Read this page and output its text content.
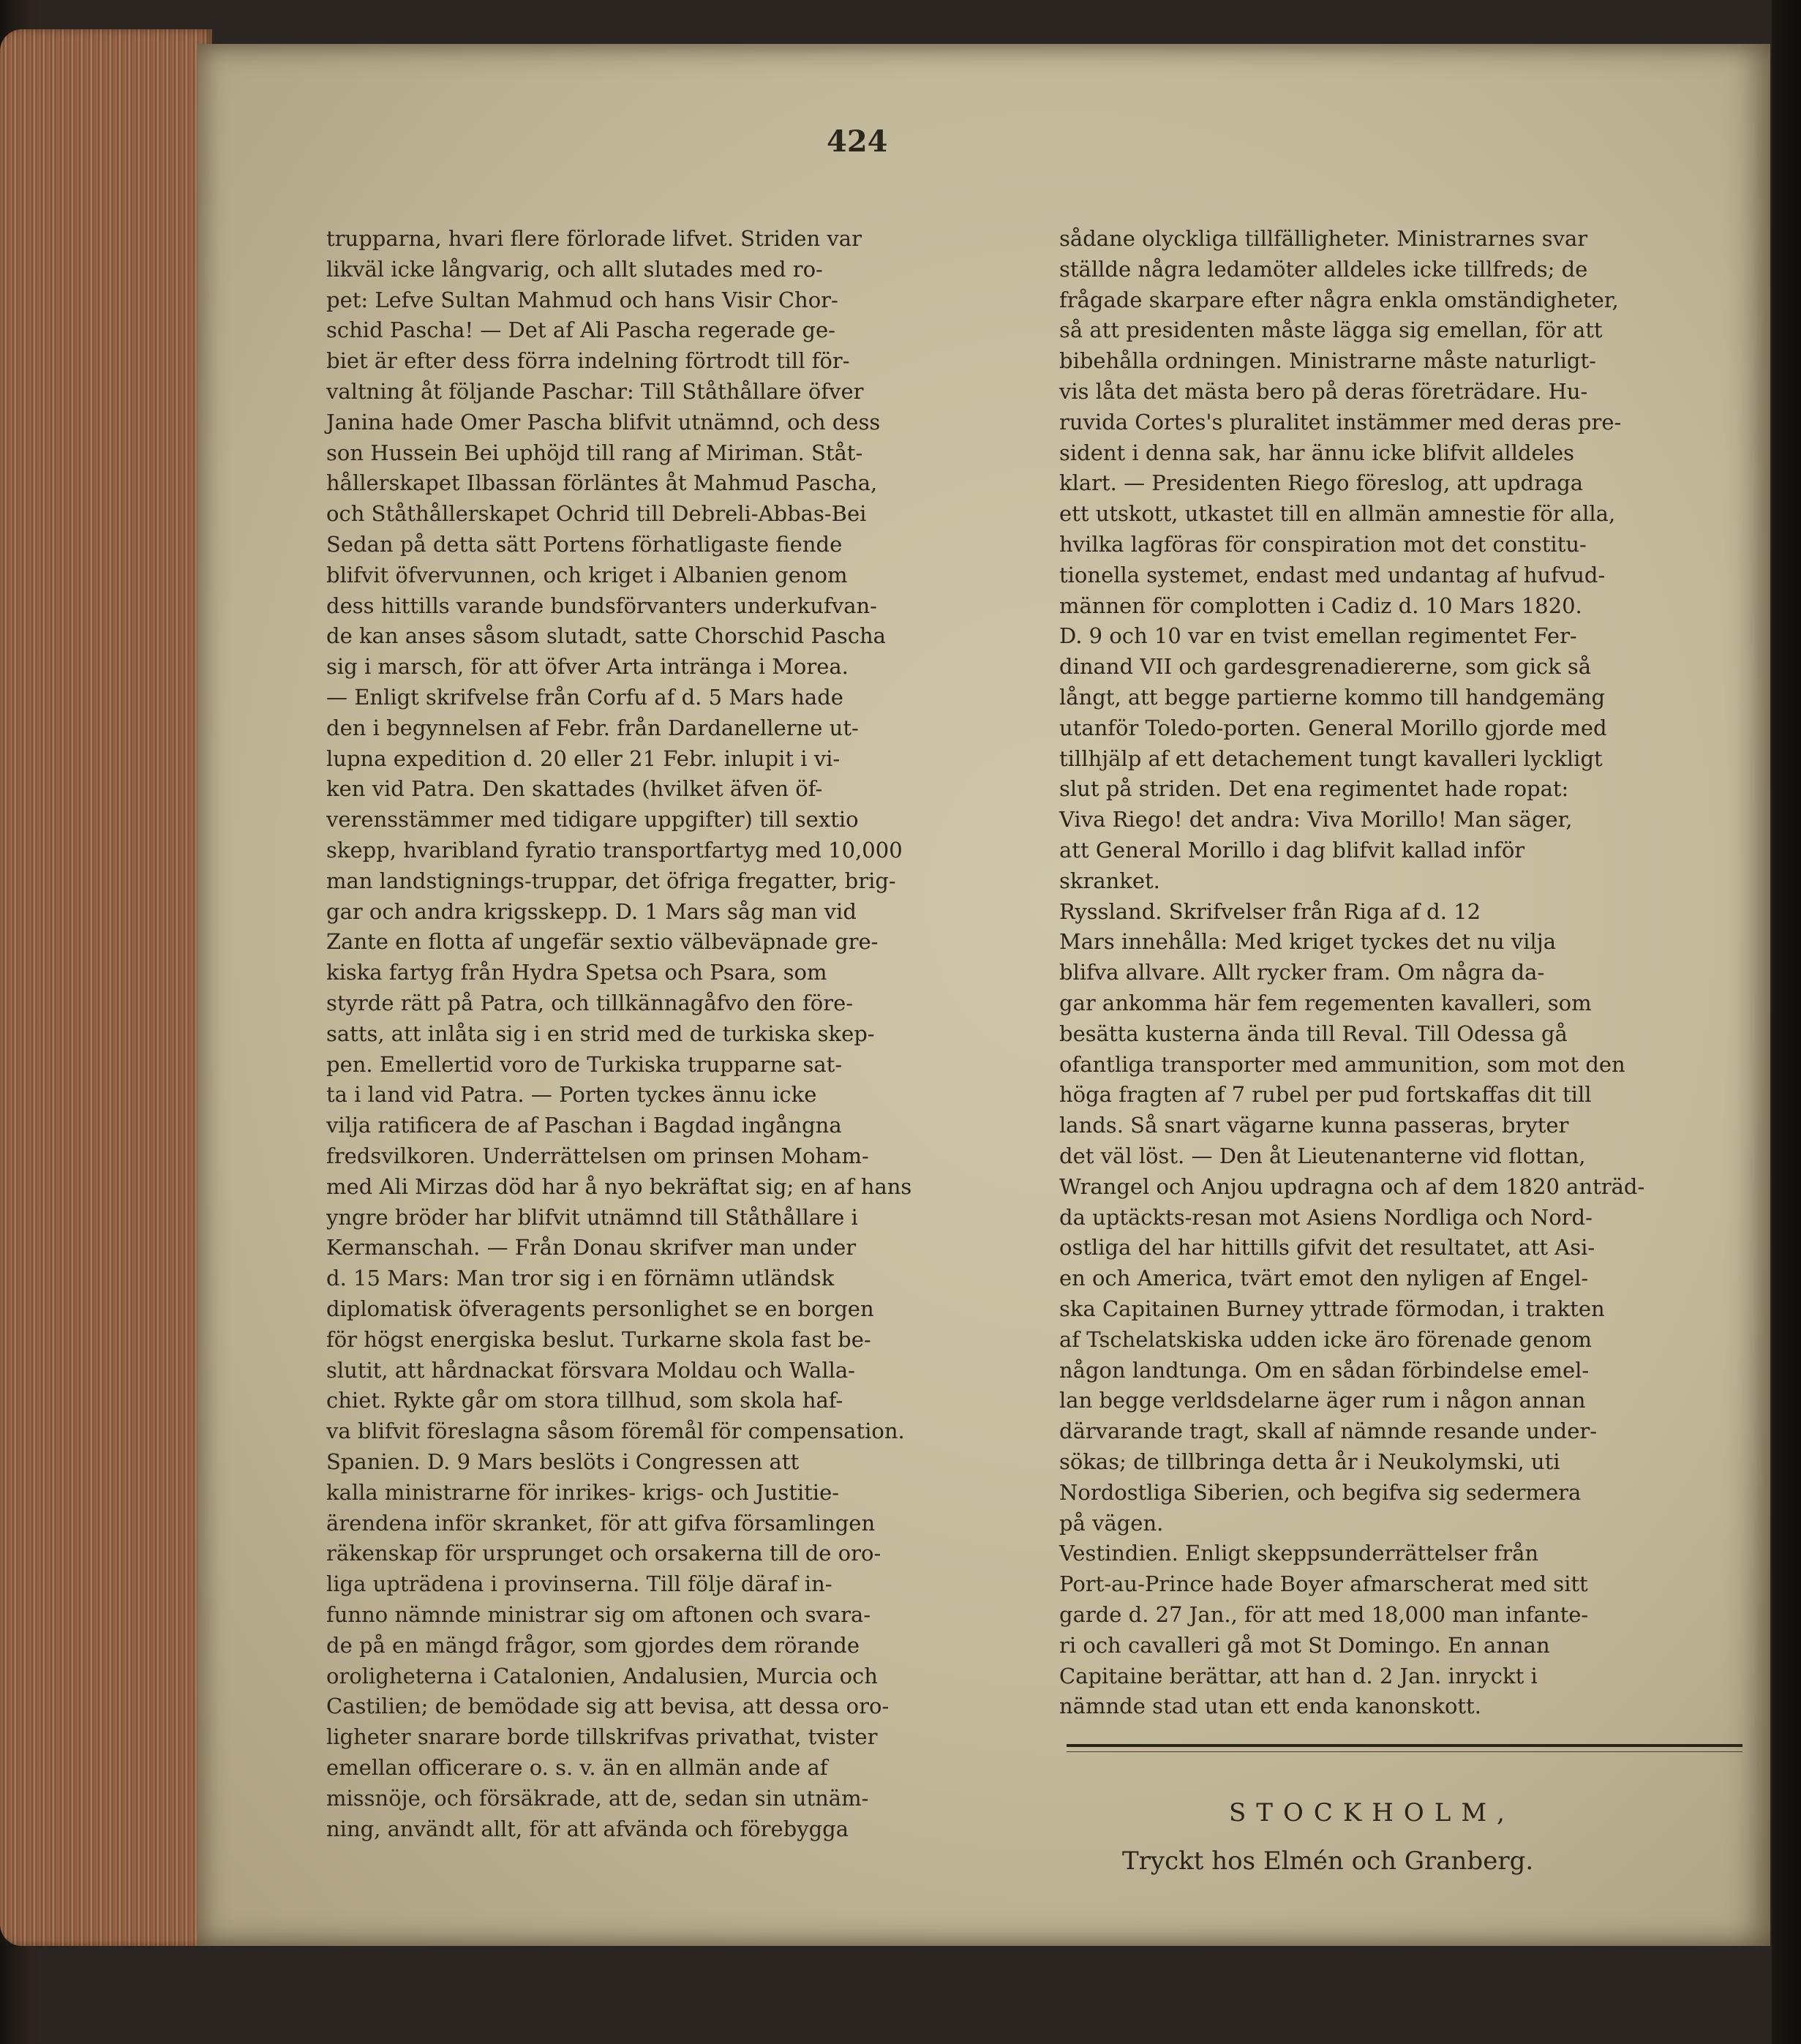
424
trupparna, hvari flere förlorade lifvet. Striden var
likväl icke långvarig, och allt slutades med ro-
pet: Lefve Sultan Mahmud och hans Visir Chor-
schid Pascha! — Det af Ali Pascha regerade ge-
biet är efter dess förra indelning förtrodt till för-
valtning åt följande Paschar: Till Ståthållare öfver
Janina hade Omer Pascha blifvit utnämnd, och dess
son Hussein Bei uphöjd till rang af Miriman. Ståt-
hållerskapet Ilbassan förläntes åt Mahmud Pascha,
och Ståthållerskapet Ochrid till Debreli-Abbas-Bei
Sedan på detta sätt Portens förhatligaste fiende
blifvit öfvervunnen, och kriget i Albanien genom
dess hittills varande bundsförvanters underkufvan-
de kan anses såsom slutadt, satte Chorschid Pascha
sig i marsch, för att öfver Arta inträngа i Morea.
— Enligt skrifvelse från Corfu af d. 5 Mars hade
den i begynnelsen af Febr. från Dardanellerne ut-
lupna expedition d. 20 eller 21 Febr. inlupit i vi-
ken vid Patra. Den skattades (hvilket äfven öf-
verensstämmer med tidigare uppgifter) till sextio
skepp, hvaribland fyratio transportfartyg med 10,000
man landstignings-truppar, det öfriga fregatter, brig-
gar och andra krigsskepp. D. 1 Mars såg man vid
Zante en flotta af ungefär sextio välbeväpnade gre-
kiska fartyg från Hydra Spetsa och Psara, som
styrde rätt på Patra, och tillkännagåfvo den före-
satts, att inlåta sig i en strid med de turkiska skep-
pen. Emellertid voro de Turkiska trupparne sat-
ta i land vid Patra. — Porten tyckes ännu icke
vilja ratificera de af Paschan i Bagdad ingångna
fredsvilkoren. Underrättelsen om prinsen Moham-
med Ali Mirzas död har å nyo bekräftat sig; en af hans
yngre bröder har blifvit utnämnd till Ståthållare i
Kermanschah. — Från Donau skrifver man under
d. 15 Mars: Man tror sig i en förnämn utländsk
diplomatisk öfveragents personlighet se en borgen
för högst energiska beslut. Turkarne skola fast be-
slutit, att hårdnackat försvara Moldau och Walla-
chiet. Rykte går om stora tillhud, som skola haf-
va blifvit föreslagna såsom föremål för compensation.
Spanien. D. 9 Mars beslöts i Congressen att
kalla ministrarne för inrikes- krigs- och Justitie-
ärendena inför skranket, för att gifva församlingen
räkenskap för ursprunget och orsakerna till de oro-
liga upträdena i provinserna. Till följe däraf in-
funno nämnde ministrar sig om aftonen och svara-
de på en mängd frågor, som gjordes dem rörande
oroligheterna i Catalonien, Andalusien, Murcia och
Castilien; de bemödade sig att bevisa, att dessa oro-
ligheter snarare borde tillskrifvas privathat, tvister
emellan officerare o. s. v. än en allmän ande af
missnöje, och försäkrade, att de, sedan sin utnäm-
ning, användt allt, för att afvända och förebygga
sådane olyckliga tillfälligheter. Ministrarnes svar
ställde några ledamöter alldeles icke tillfreds; de
frågade skarpare efter några enkla omständigheter,
så att presidenten måste lägga sig emellan, för att
bibehålla ordningen. Ministrarne måste naturligt-
vis låta det mästa bero på deras företrädare. Hu-
ruvida Cortes's pluralitet instämmer med deras pre-
sident i denna sak, har ännu icke blifvit alldeles
klart. — Presidenten Riego föreslog, att updraga
ett utskott, utkastet till en allmän amnestie för alla,
hvilka lagföras för conspiration mot det constitu-
tionella systemet, endast med undantag af hufvud-
männen för complotten i Cadiz d. 10 Mars 1820.
D. 9 och 10 var en tvist emellan regimentet Fer-
dinand VII och gardesgrenadiererne, som gick så
långt, att begge partierne kommo till handgemäng
utanför Toledo-porten. General Morillo gjorde med
tillhjälp af ett detachement tungt kavalleri lyckligt
slut på striden. Det ena regimentet hade ropat:
Viva Riego! det andra: Viva Morillo! Man säger,
att General Morillo i dag blifvit kallad inför
skranket.
Ryssland. Skrifvelser från Riga af d. 12
Mars innehålla: Med kriget tyckes det nu vilja
blifva allvare. Allt rycker fram. Om några da-
gar ankomma här fem regementen kavalleri, som
besätta kusterna ända till Reval. Till Odessa gå
ofantliga transporter med ammunition, som mot den
höga fragten af 7 rubel per pud fortskaffas dit till
lands. Så snart vägarne kunna passeras, bryter
det väl löst. — Den åt Lieutenanterne vid flottan,
Wrangel och Anjou updragna och af dem 1820 anträd-
da uptäckts-resan mot Asiens Nordliga och Nord-
ostliga del har hittills gifvit det resultatet, att Asi-
en och America, tvärt emot den nyligen af Engel-
ska Capitainen Burney yttrade förmodan, i trakten
af Tschelatskiska udden icke äro förenade genom
någon landtunga. Om en sådan förbindelse emel-
lan begge verldsdelarne äger rum i någon annan
därvarande tragt, skall af nämnde resande under-
sökas; de tillbringa detta år i Neukolymski, uti
Nordostliga Siberien, och begifva sig sedermera
på vägen.
Vestindien. Enligt skeppsunderrättelser från
Port-au-Prince hade Boyer afmarscherat med sitt
garde d. 27 Jan., för att med 18,000 man infante-
ri och cavalleri gå mot St Domingo. En annan
Capitaine berättar, att han d. 2 Jan. inryckt i
nämnde stad utan ett enda kanonskott.
STOCKHOLM,
Tryckt hos Elmén och Granberg.
